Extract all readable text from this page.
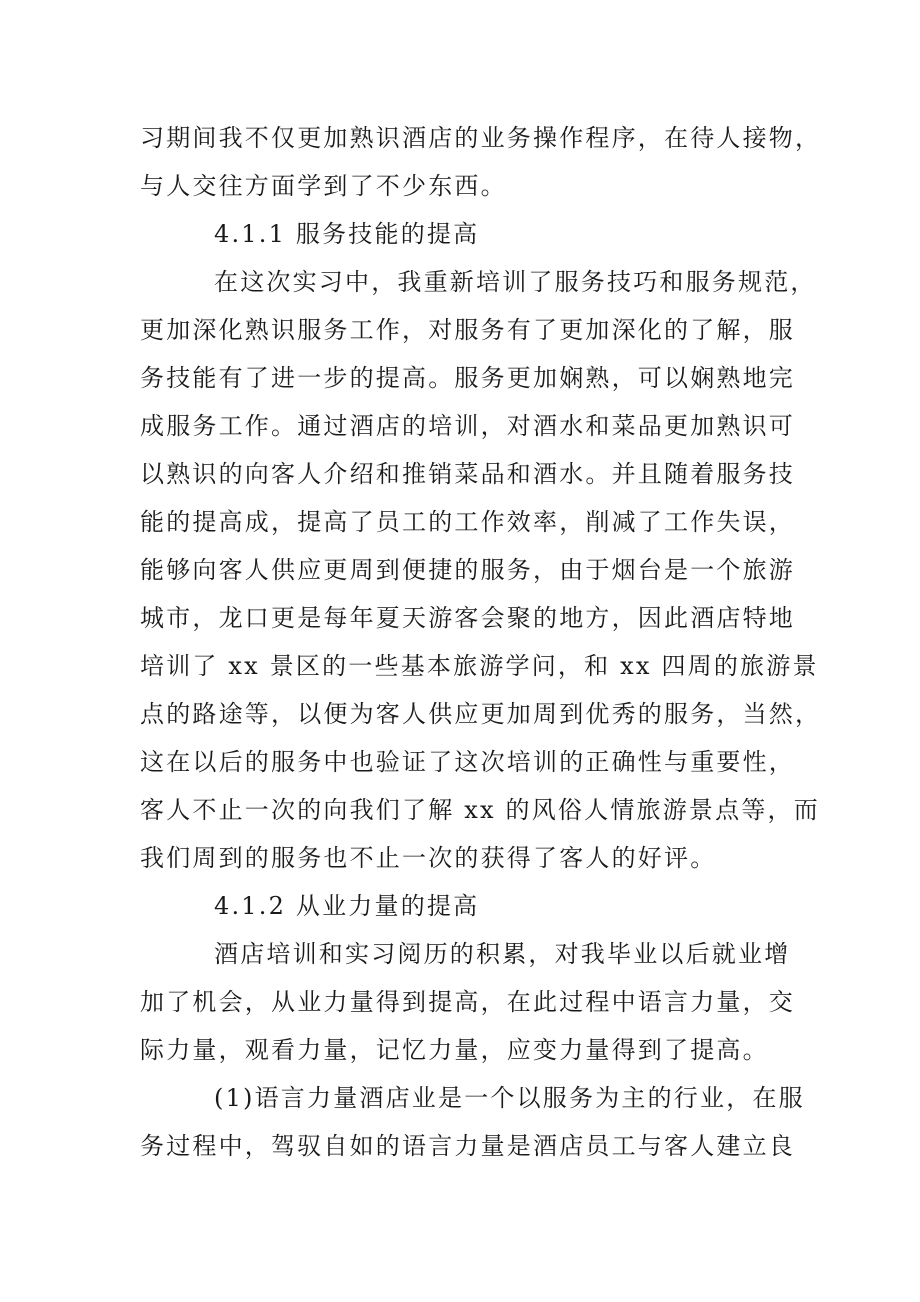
习期间我不仅更加熟识酒店的业务操作程序，在待人接物，
与人交往方面学到了不少东西。
4.1.1 服务技能的提高
在这次实习中，我重新培训了服务技巧和服务规范，
更加深化熟识服务工作，对服务有了更加深化的了解，服
务技能有了进一步的提高。服务更加娴熟，可以娴熟地完
成服务工作。通过酒店的培训，对酒水和菜品更加熟识可
以熟识的向客人介绍和推销菜品和酒水。并且随着服务技
能的提高成，提高了员工的工作效率，削减了工作失误，
能够向客人供应更周到便捷的服务，由于烟台是一个旅游
城市，龙口更是每年夏天游客会聚的地方，因此酒店特地
培训了 xx 景区的一些基本旅游学问，和 xx 四周的旅游景
点的路途等，以便为客人供应更加周到优秀的服务，当然，
这在以后的服务中也验证了这次培训的正确性与重要性，
客人不止一次的向我们了解 xx 的风俗人情旅游景点等，而
我们周到的服务也不止一次的获得了客人的好评。
4.1.2 从业力量的提高
酒店培训和实习阅历的积累，对我毕业以后就业增
加了机会，从业力量得到提高，在此过程中语言力量，交
际力量，观看力量，记忆力量，应变力量得到了提高。
(1)语言力量酒店业是一个以服务为主的行业，在服
务过程中，驾驭自如的语言力量是酒店员工与客人建立良
